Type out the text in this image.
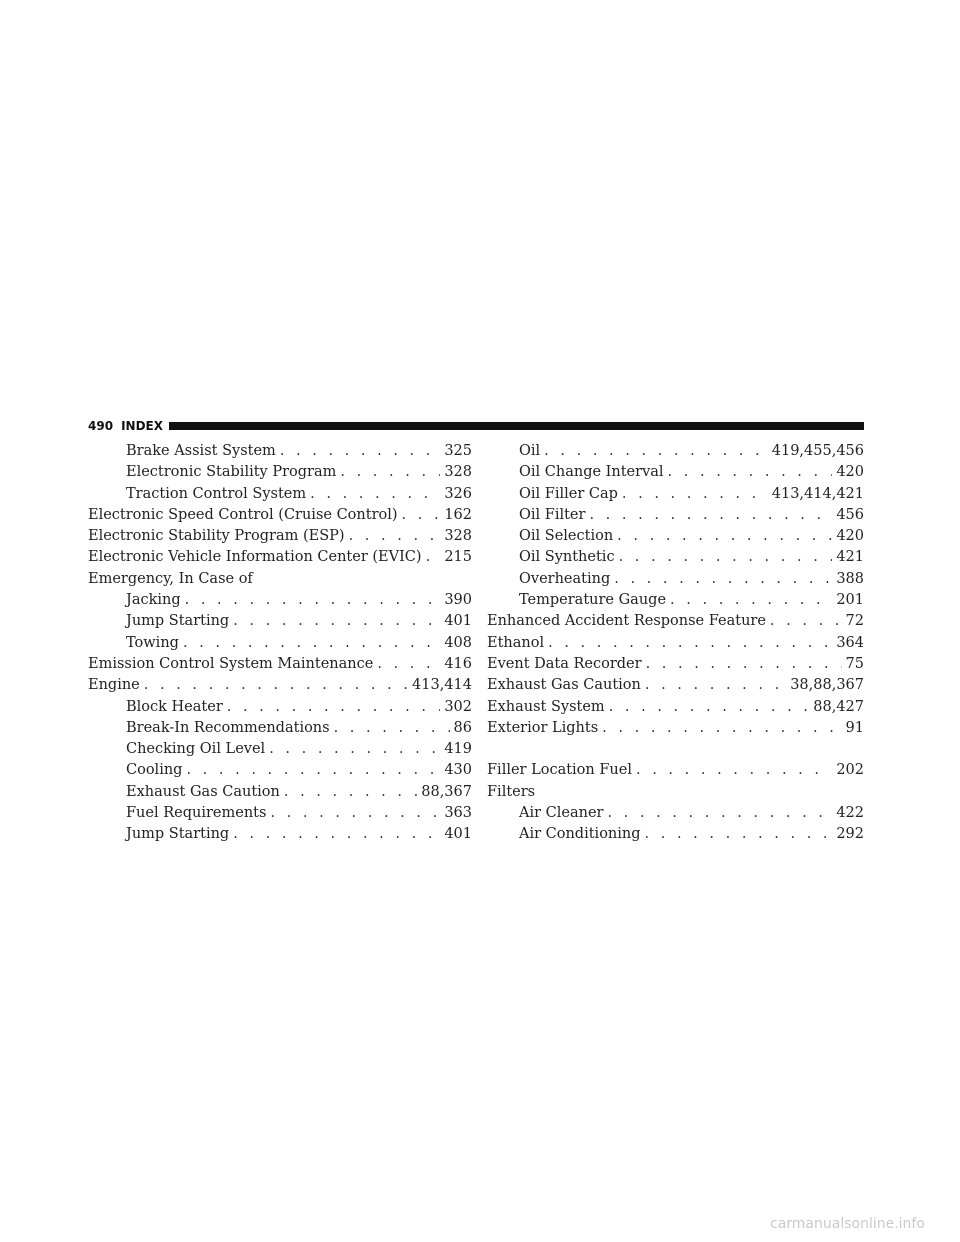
490 INDEX
Brake Assist System . . .	325
Electronic Stability Program . . .	328
Traction Control System . . .	326
Electronic Speed Control (Cruise Control) . . .	162
Electronic Stability Program (ESP) . . .	328
Electronic Vehicle Information Center (EVIC) . . . 215
Emergency, In Case of
Jacking . . .	390
Jump Starting . . .	401
Towing . . .	408
Emission Control System Maintenance . . .	416
Engine . . .	413,414
Block Heater . . .	302
Break-In Recommendations . . .	86
Checking Oil Level . . .	419
Cooling . . .	430
Exhaust Gas Caution . . .	88,367
Fuel Requirements . . .	363
Jump Starting . . .	401
Oil . . .	419,455,456
Oil Change Interval . . .	420
Oil Filler Cap . . .	413,414,421
Oil Filter . . .	456
Oil Selection . . .	420
Oil Synthetic . . .	421
Overheating . . .	388
Temperature Gauge . . .	201
Enhanced Accident Response Feature . . .	72
Ethanol . . .	364
Event Data Recorder . . .	75
Exhaust Gas Caution . . .	38,88,367
Exhaust System . . .	88,427
Exterior Lights . . .	91
Filler Location Fuel . . .	202
Filters
Air Cleaner . . .	422
Air Conditioning . . .	292
carmanualsonline.info
